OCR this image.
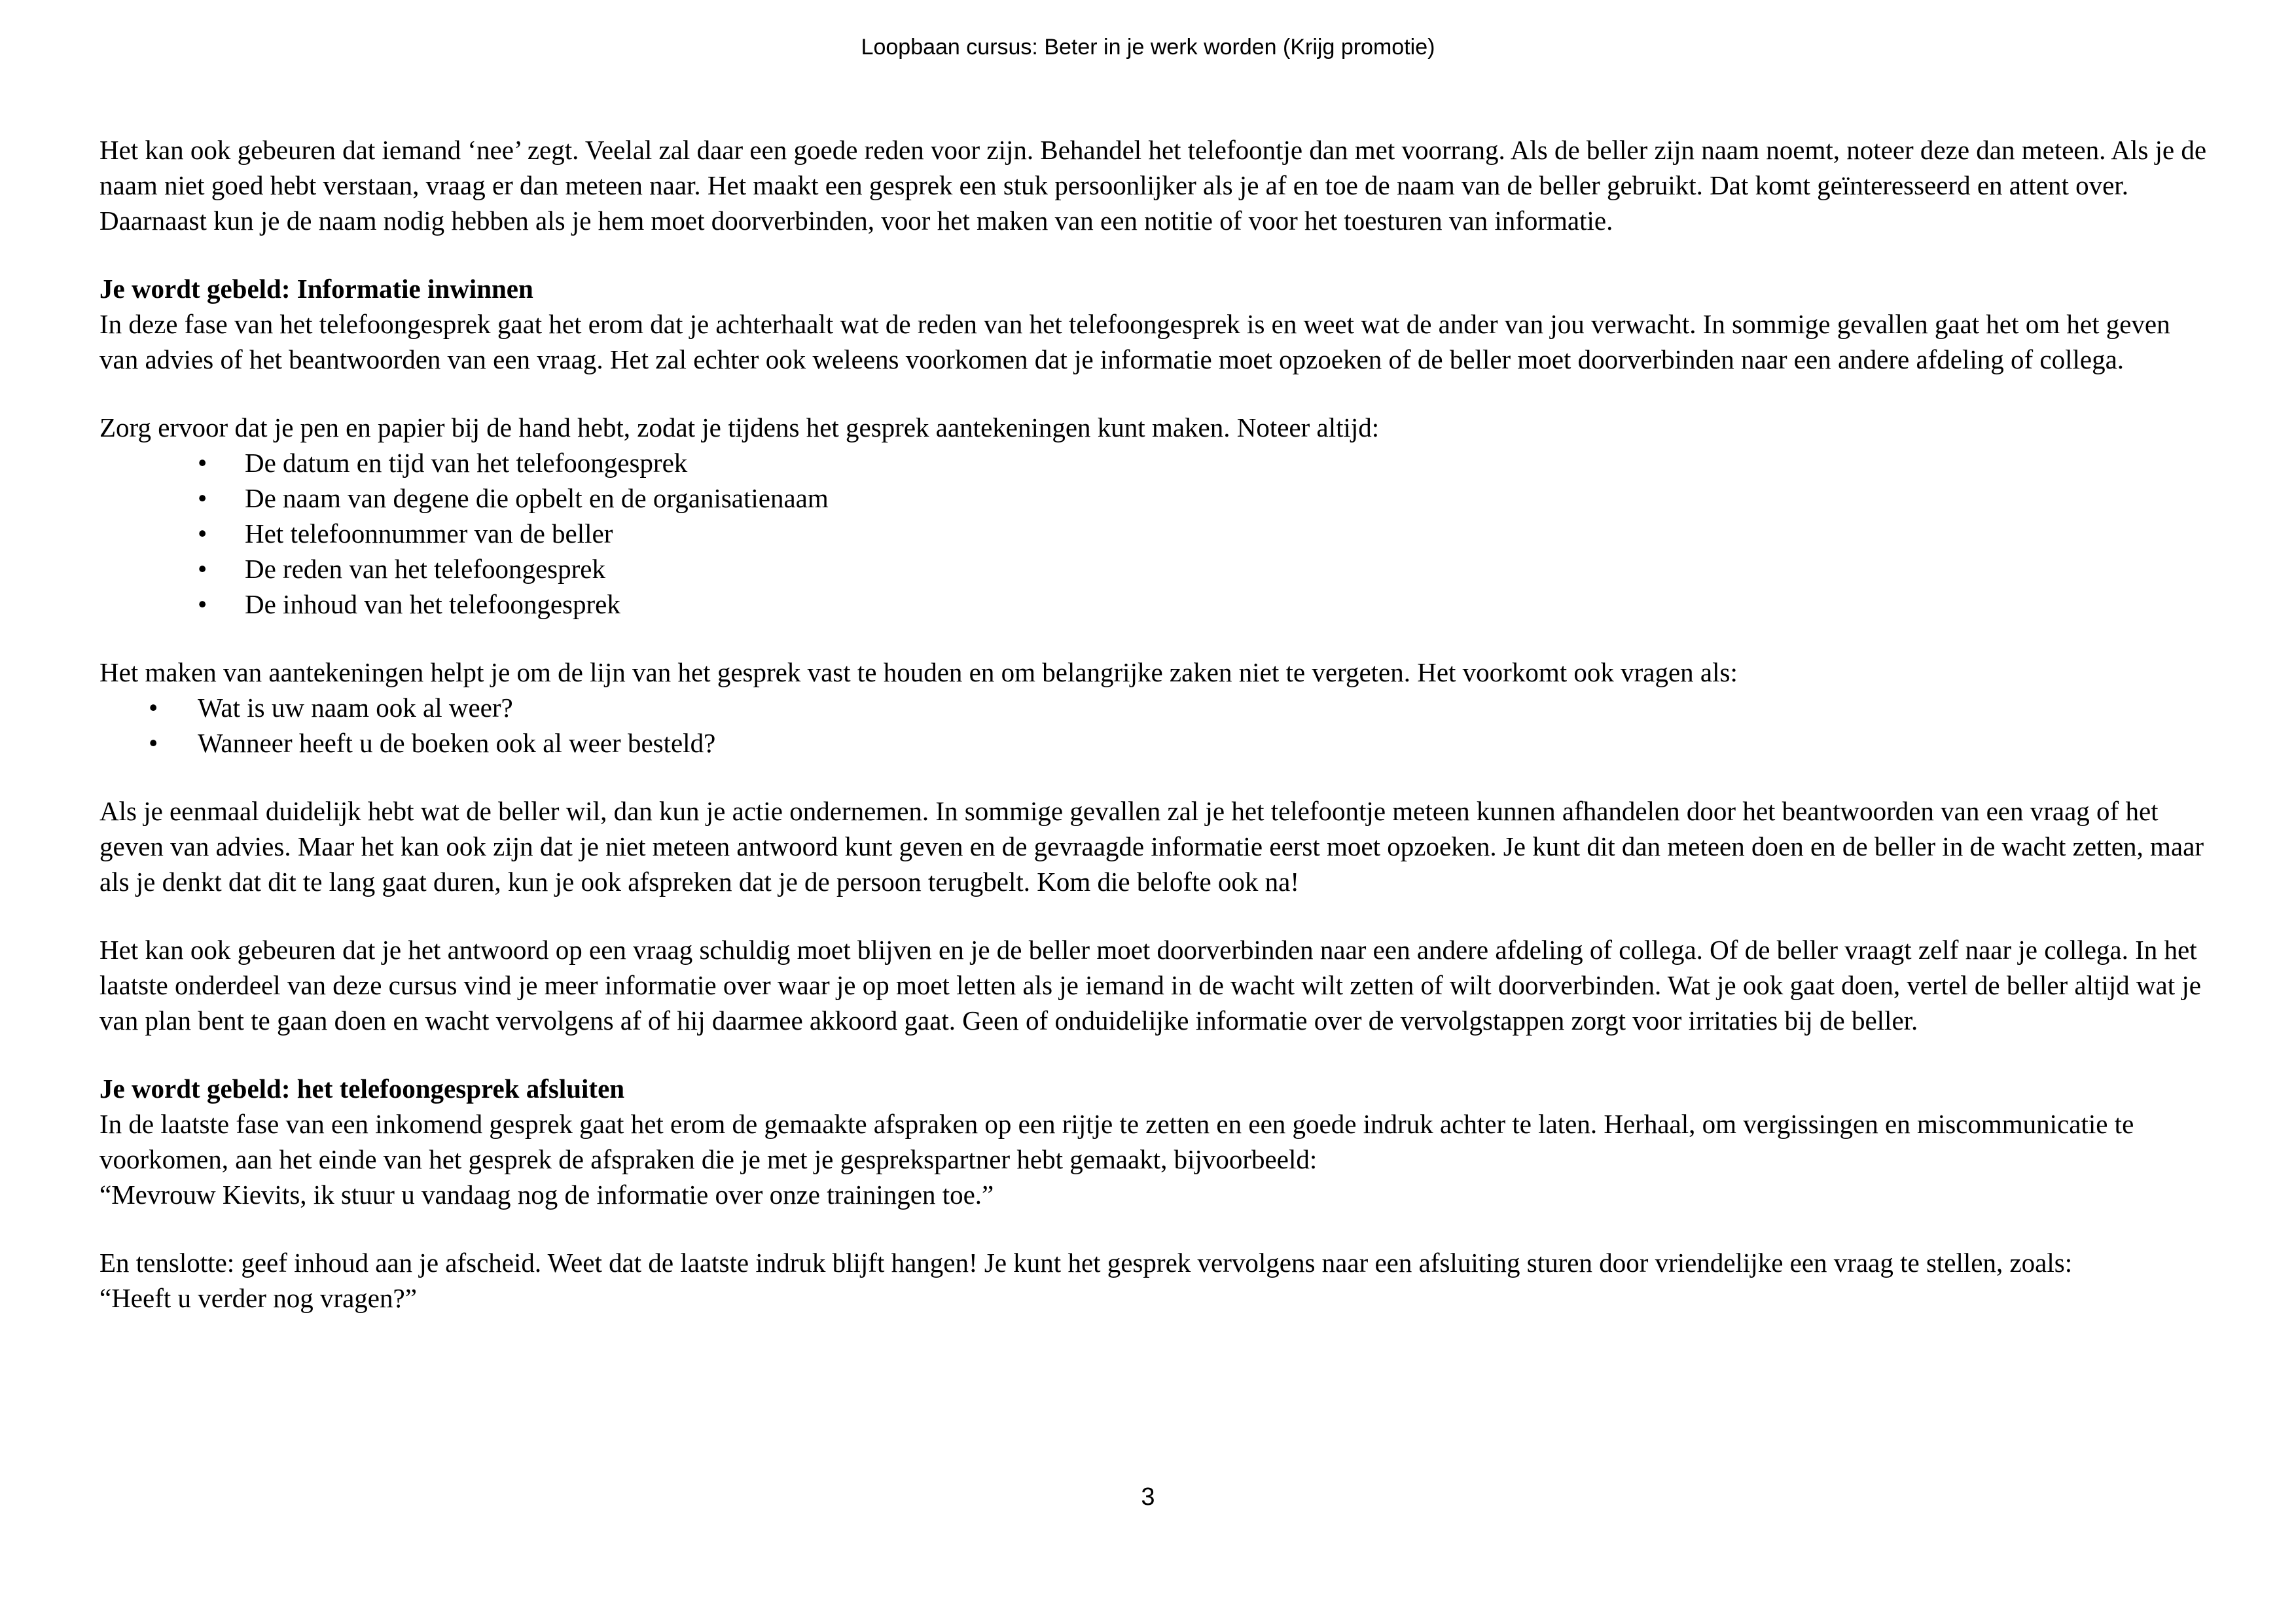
Loopbaan cursus: Beter in je werk worden (Krijg promotie)

Het kan ook gebeuren dat iemand ‘nee’ zegt. Veelal zal daar een goede reden voor zijn. Behandel het telefoontje dan met voorrang. Als de beller zijn naam noemt, noteer deze dan meteen. Als je de naam niet goed hebt verstaan, vraag er dan meteen naar. Het maakt een gesprek een stuk persoonlijker als je af en toe de naam van de beller gebruikt. Dat komt geïnteresseerd en attent over. Daarnaast kun je de naam nodig hebben als je hem moet doorverbinden, voor het maken van een notitie of voor het toesturen van informatie.

Je wordt gebeld: Informatie inwinnen

In deze fase van het telefoongesprek gaat het erom dat je achterhaalt wat de reden van het telefoongesprek is en weet wat de ander van jou verwacht. In sommige gevallen gaat het om het geven van advies of het beantwoorden van een vraag. Het zal echter ook weleens voorkomen dat je informatie moet opzoeken of de beller moet doorverbinden naar een andere afdeling of collega.

Zorg ervoor dat je pen en papier bij de hand hebt, zodat je tijdens het gesprek aantekeningen kunt maken. Noteer altijd:

• De datum en tijd van het telefoongesprek
• De naam van degene die opbelt en de organisatienaam
• Het telefoonnummer van de beller
• De reden van het telefoongesprek
• De inhoud van het telefoongesprek

Het maken van aantekeningen helpt je om de lijn van het gesprek vast te houden en om belangrijke zaken niet te vergeten. Het voorkomt ook vragen als:

• Wat is uw naam ook al weer?
• Wanneer heeft u de boeken ook al weer besteld?

Als je eenmaal duidelijk hebt wat de beller wil, dan kun je actie ondernemen. In sommige gevallen zal je het telefoontje meteen kunnen afhandelen door het beantwoorden van een vraag of het geven van advies. Maar het kan ook zijn dat je niet meteen antwoord kunt geven en de gevraagde informatie eerst moet opzoeken. Je kunt dit dan meteen doen en de beller in de wacht zetten, maar als je denkt dat dit te lang gaat duren, kun je ook afspreken dat je de persoon terugbelt. Kom die belofte ook na!

Het kan ook gebeuren dat je het antwoord op een vraag schuldig moet blijven en je de beller moet doorverbinden naar een andere afdeling of collega. Of de beller vraagt zelf naar je collega. In het laatste onderdeel van deze cursus vind je meer informatie over waar je op moet letten als je iemand in de wacht wilt zetten of wilt doorverbinden. Wat je ook gaat doen, vertel de beller altijd wat je van plan bent te gaan doen en wacht vervolgens af of hij daarmee akkoord gaat. Geen of onduidelijke informatie over de vervolgstappen zorgt voor irritaties bij de beller.

Je wordt gebeld: het telefoongesprek afsluiten

In de laatste fase van een inkomend gesprek gaat het erom de gemaakte afspraken op een rijtje te zetten en een goede indruk achter te laten. Herhaal, om vergissingen en miscommunicatie te voorkomen, aan het einde van het gesprek de afspraken die je met je gesprekspartner hebt gemaakt, bijvoorbeeld:

“Mevrouw Kievits, ik stuur u vandaag nog de informatie over onze trainingen toe.”

En tenslotte: geef inhoud aan je afscheid. Weet dat de laatste indruk blijft hangen! Je kunt het gesprek vervolgens naar een afsluiting sturen door vriendelijke een vraag te stellen, zoals:

“Heeft u verder nog vragen?”

3
